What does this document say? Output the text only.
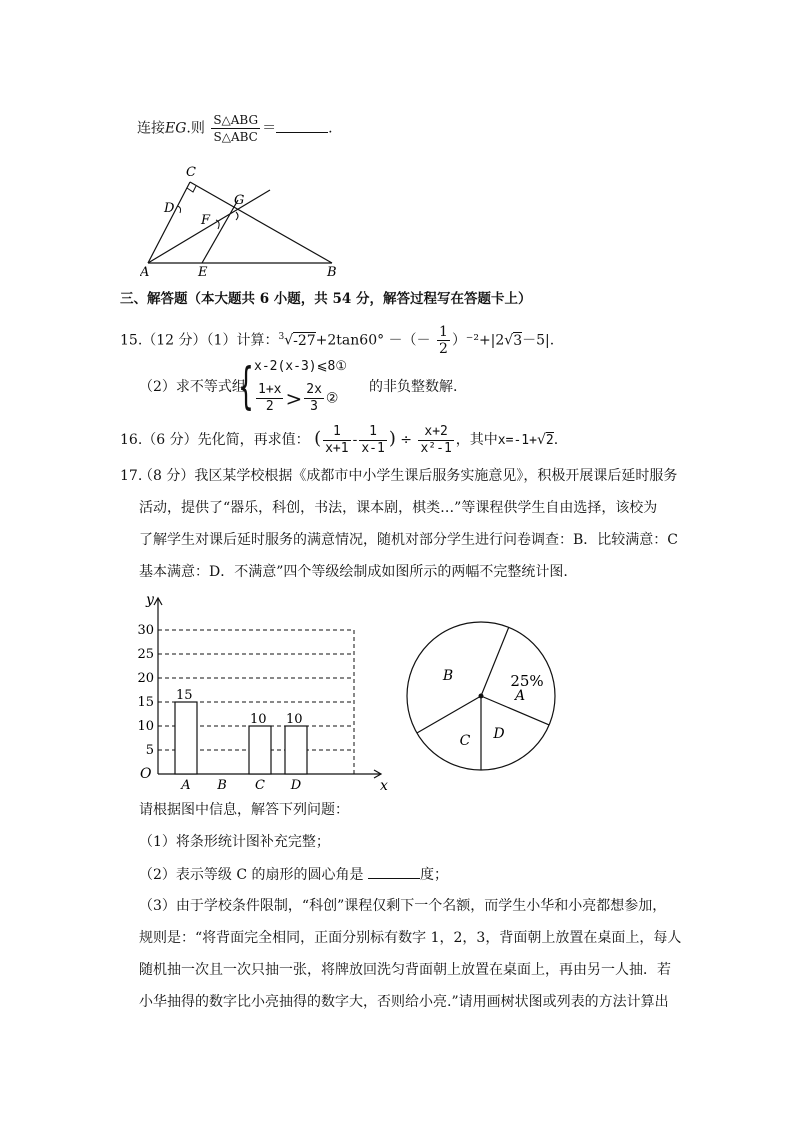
连接EG.则 $\frac{\text{S△ABG}}{\text{S△ABC}}$ ＝	.
A	E	B
C
D
F
G
三、解答题（本大题共 6 小题，共 54 分，解答过程写在答题卡上）
15.（12 分）（1）计算：$^3$√-27+2tan60° －（－ $\frac{1}{2} )^{-2}+|2√3-5|$.
（2）求不等式组
{ x-2(x-3)⩽8①
$\frac{1+x}{2} > \frac{2x}{3}$ ②
的非负整数解.
16.（6 分）先化简，再求值： ( $\frac{1}{x+1} - \frac{1}{x-1}$ ) ÷ $\frac{x+2}{\text{x²-1}}$ ，其中x=-1+√2.
17.
（8 分）我区某学校根据《成都市中小学生课后服务实施意见》，积极开展课后延时服务
活动，提供了“器乐，科创，书法，课本剧，棋类…”等课程供学生自由选择，该校为
了解学生对课后延时服务的满意情况，随机对部分学生进行问卷调查：B．比较满意：C
基本满意：D．不满意”四个等级绘制成如图所示的两幅不完整统计图.
5
10
15
20
25
30
x
y
O
A
15
B C
10
D
10
A
B
C D
25%
请根据图中信息，解答下列问题：
（1）将条形统计图补充完整；
（2）表示等级 C 的扇形的圆心角是	度；
（3）由于学校条件限制，“科创”课程仅剩下一个名额，而学生小华和小亮都想参加，
规则是：“将背面完全相同，正面分别标有数字 1，2，3，背面朝上放置在桌面上，每人
随机抽一次且一次只抽一张，将牌放回洗匀背面朝上放置在桌面上，再由另一人抽．若
小华抽得的数字比小亮抽得的数字大，否则给小亮.”请用画树状图或列表的方法计算出
